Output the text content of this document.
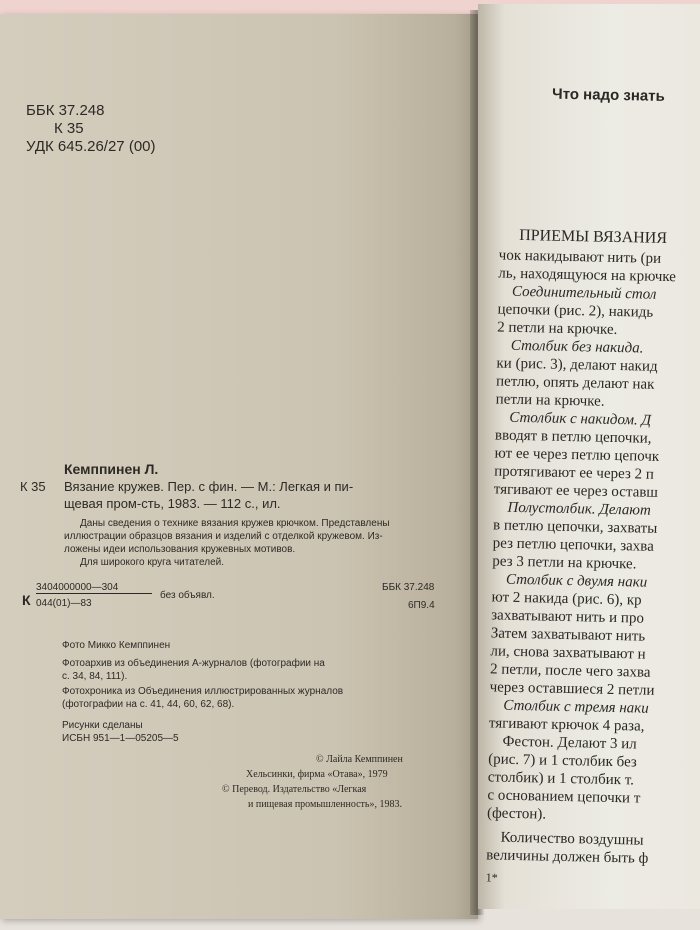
ББК 37.248
К 35
УДК 645.26/27 (00)
Кемппинен Л.
К 35 Вязание кружев. Пер. с фин. — М.: Легкая и пи-
щевая пром-сть, 1983. — 112 с., ил.
Даны сведения о технике вязания кружев крючком. Представлены
иллюстрации образцов вязания и изделий с отделкой кружевом. Из-
ложены идеи использования кружевных мотивов.
Для широкого круга читателей.
К
3404000000—304
044(01)—83
без объявл.
ББК 37.248
6П9.4
Фото Микко Кемппинен
Фотоархив из объединения А-журналов (фотографии на
с. 34, 84, 111).
Фотохроника из Объединения иллюстрированных журналов
(фотографии на с. 41, 44, 60, 62, 68).
Рисунки сделаны
ИСБН 951—1—05205—5
© Лайла Кемппинен
Хельсинки, фирма «Отава», 1979
© Перевод. Издательство «Легкая
и пищевая промышленность», 1983.
Что надо знать
ПРИЕМЫ ВЯЗАНИЯ
чок накидывают нить (ри
ль, находящуюся на крючке
Соединительный стол
цепочки (рис. 2), накидь
2 петли на крючке.
Столбик без накида.
ки (рис. 3), делают накид
петлю, опять делают нак
петли на крючке.
Столбик с накидом. Д
вводят в петлю цепочки,
ют ее через петлю цепочк
протягивают ее через 2 п
тягивают ее через оставш
Полустолбик. Делают
в петлю цепочки, захваты
рез петлю цепочки, захва
рез 3 петли на крючке.
Столбик с двумя наки
ют 2 накида (рис. 6), кр
захватывают нить и про
Затем захватывают нить
ли, снова захватывают н
2 петли, после чего захва
через оставшиеся 2 петли
Столбик с тремя наки
тягивают крючок 4 раза,
Фестон. Делают 3 ил
(рис. 7) и 1 столбик без
столбик) и 1 столбик т.
с основанием цепочки т
(фестон).
Количество воздушны
величины должен быть ф
1*
